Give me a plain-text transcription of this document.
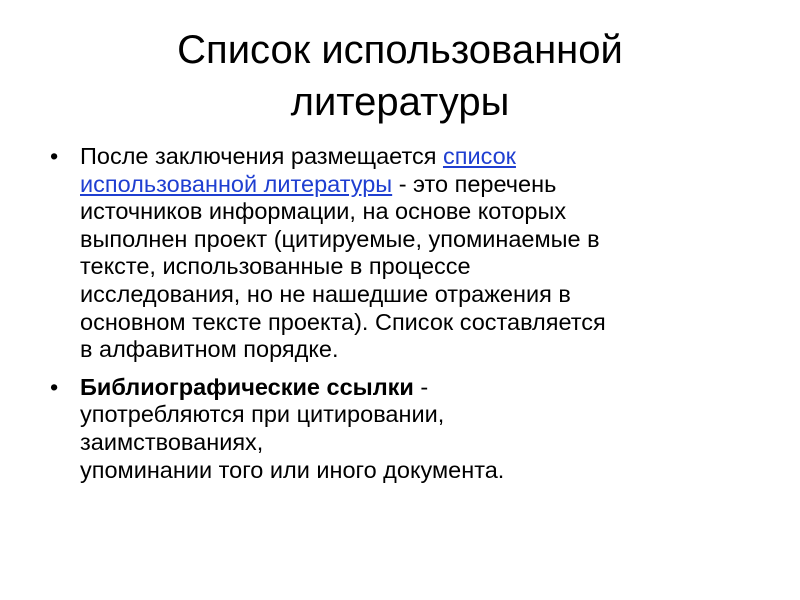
Список использованной
литературы
• После заключения размещается список
использованной литературы - это перечень
источников информации, на основе которых
выполнен проект (цитируемые, упоминаемые в
тексте, использованные в процессе
исследования, но не нашедшие отражения в
основном тексте проекта). Список составляется
в алфавитном порядке.
• Библиографические ссылки -
употребляются при цитировании,
заимствованиях,
упоминании того или иного документа.
